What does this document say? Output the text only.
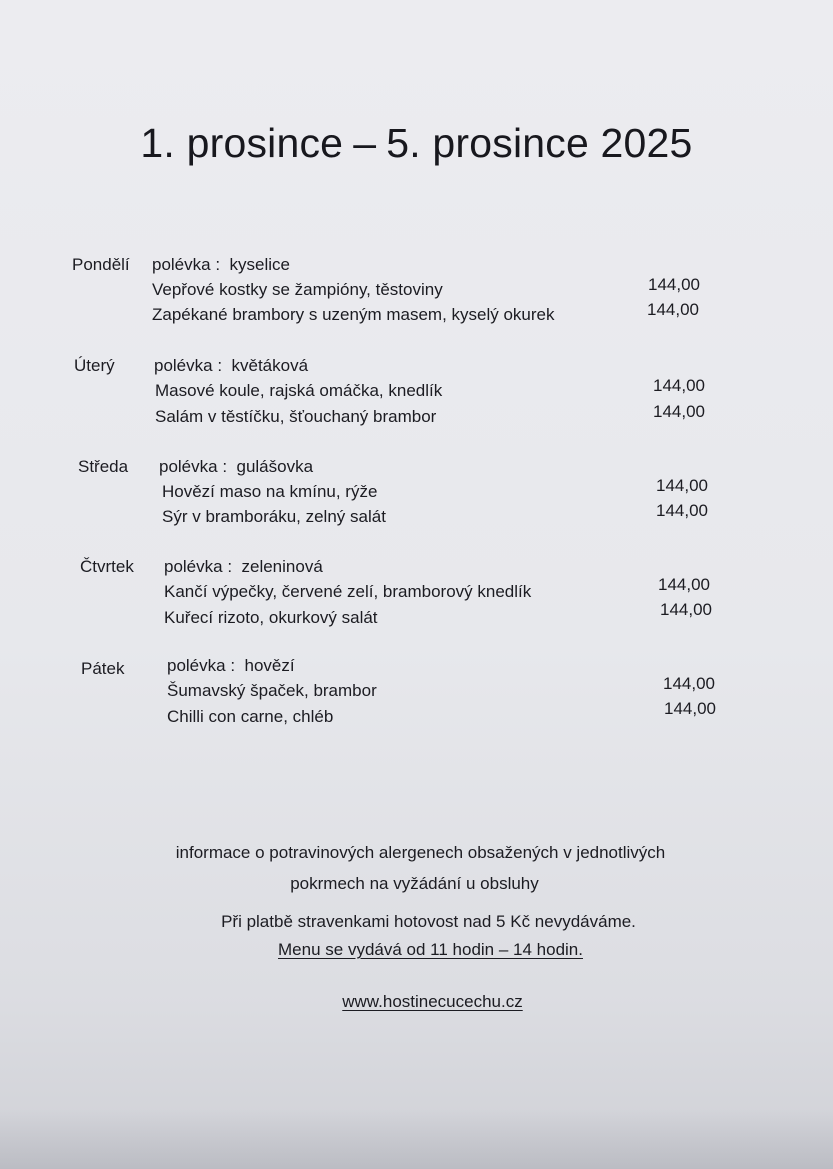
1. prosince – 5. prosince 2025
Pondělí polévka : kyselice
Vepřové kostky se žampióny, těstoviny	144,00
Zapékané brambory s uzeným masem, kyselý okurek	144,00
Úterý polévka : květáková
Masové koule, rajská omáčka, knedlík	144,00
Salám v těstíčku, šťouchaný brambor	144,00
Středa polévka : gulášovka
Hovězí maso na kmínu, rýže	144,00
Sýr v bramboráku, zelný salát	144,00
Čtvrtek polévka : zeleninová
Kančí výpečky, červené zelí, bramborový knedlík	144,00
Kuřecí rizoto, okurkový salát	144,00
Pátek	polévka : hovězí
Šumavský špaček, brambor	144,00
Chilli con carne, chléb	144,00
informace o potravinových alergenech obsažených v jednotlivých
pokrmech na vyžádání u obsluhy
Při platbě stravenkami hotovost nad 5 Kč nevydáváme.
Menu se vydává od 11 hodin – 14 hodin.
www.hostinecucechu.cz
